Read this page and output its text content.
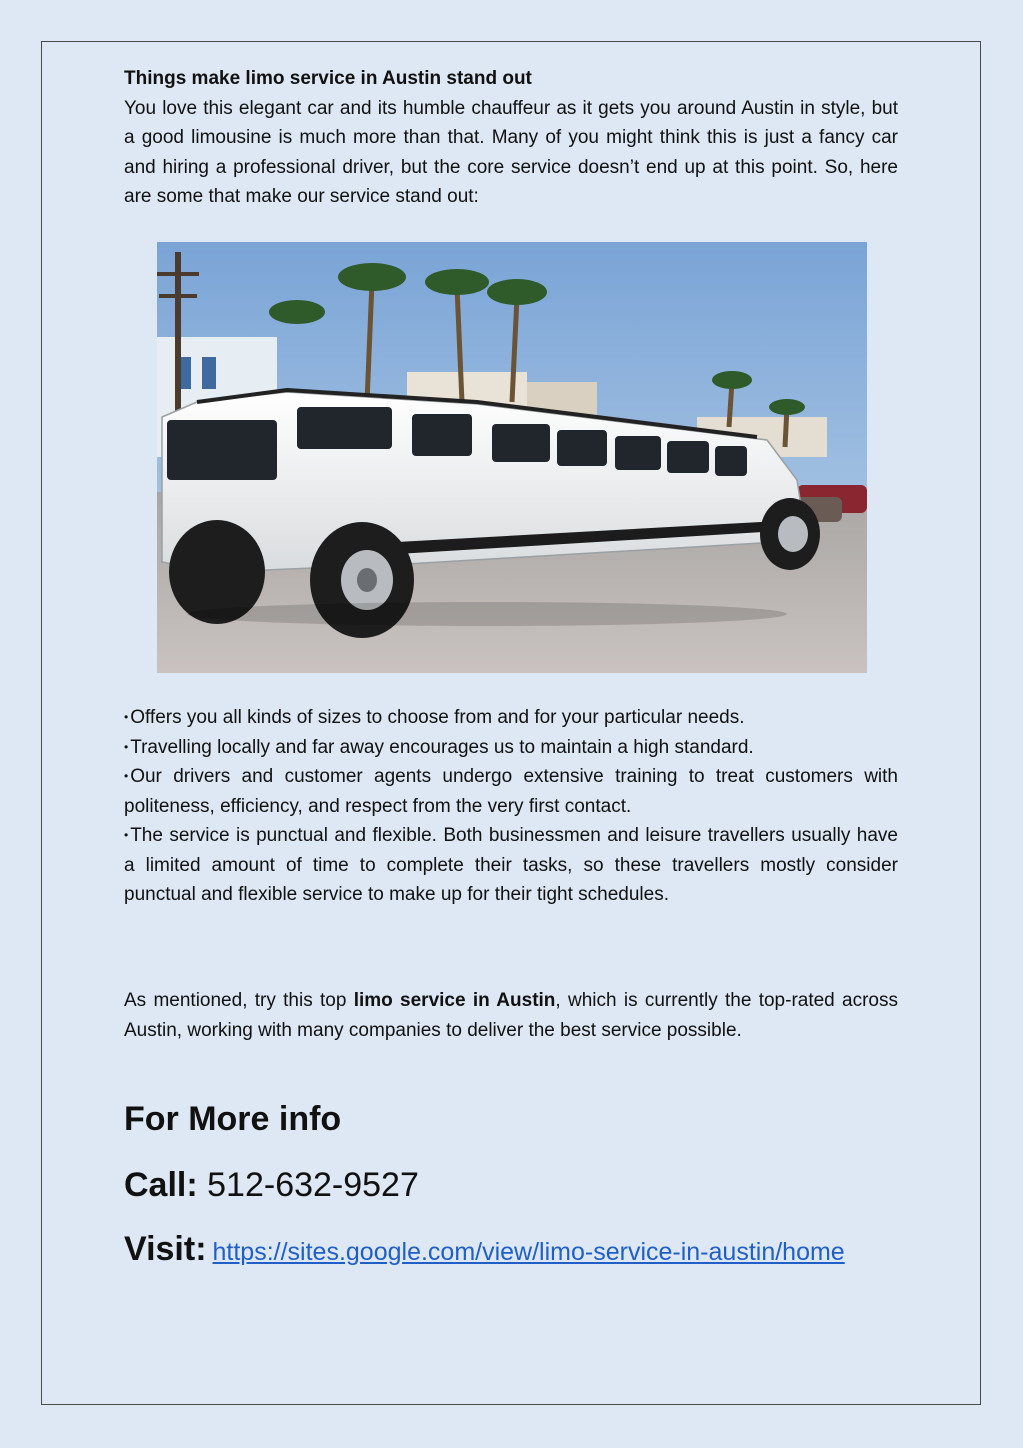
Things make limo service in Austin stand out

You love this elegant car and its humble chauffeur as it gets you around Austin in style, but a good limousine is much more than that. Many of you might think this is just a fancy car and hiring a professional driver, but the core service doesn’t end up at this point. So, here are some that make our service stand out:

• Offers you all kinds of sizes to choose from and for your particular needs.

• Travelling locally and far away encourages us to maintain a high standard.

• Our drivers and customer agents undergo extensive training to treat customers with politeness, efficiency, and respect from the very first contact.

• The service is punctual and flexible. Both businessmen and leisure travellers usually have a limited amount of time to complete their tasks, so these travellers mostly consider punctual and flexible service to make up for their tight schedules.

As mentioned, try this top limo service in Austin, which is currently the top-rated across Austin, working with many companies to deliver the best service possible.

For More info

Call: 512-632-9527

Visit: https://sites.google.com/view/limo-service-in-austin/home
